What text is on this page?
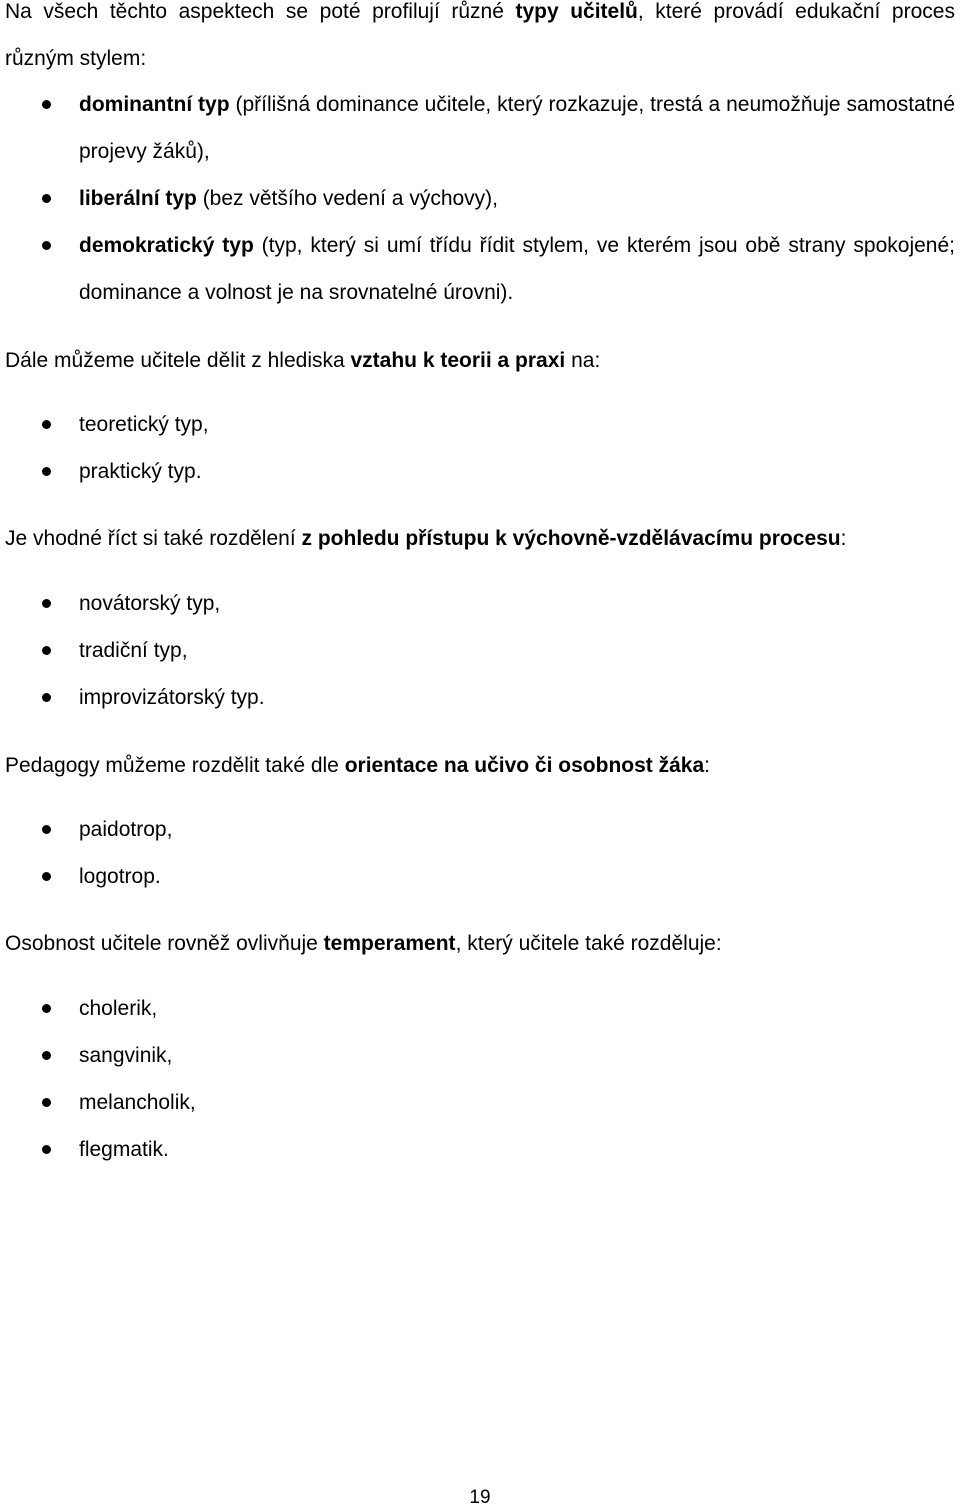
Na všech těchto aspektech se poté profilují různé typy učitelů, které provádí edukační proces různým stylem:

dominantní typ (přílišná dominance učitele, který rozkazuje, trestá a neumožňuje samostatné projevy žáků),
liberální typ (bez většího vedení a výchovy),
demokratický typ (typ, který si umí třídu řídit stylem, ve kterém jsou obě strany spokojené; dominance a volnost je na srovnatelné úrovni).

Dále můžeme učitele dělit z hlediska vztahu k teorii a praxi na:

teoretický typ,
praktický typ.

Je vhodné říct si také rozdělení z pohledu přístupu k výchovně-vzdělávacímu procesu:

novátorský typ,
tradiční typ,
improvizátorský typ.

Pedagogy můžeme rozdělit také dle orientace na učivo či osobnost žáka:

paidotrop,
logotrop.

Osobnost učitele rovněž ovlivňuje temperament, který učitele také rozděluje:

cholerik,
sangvinik,
melancholik,
flegmatik.
19
